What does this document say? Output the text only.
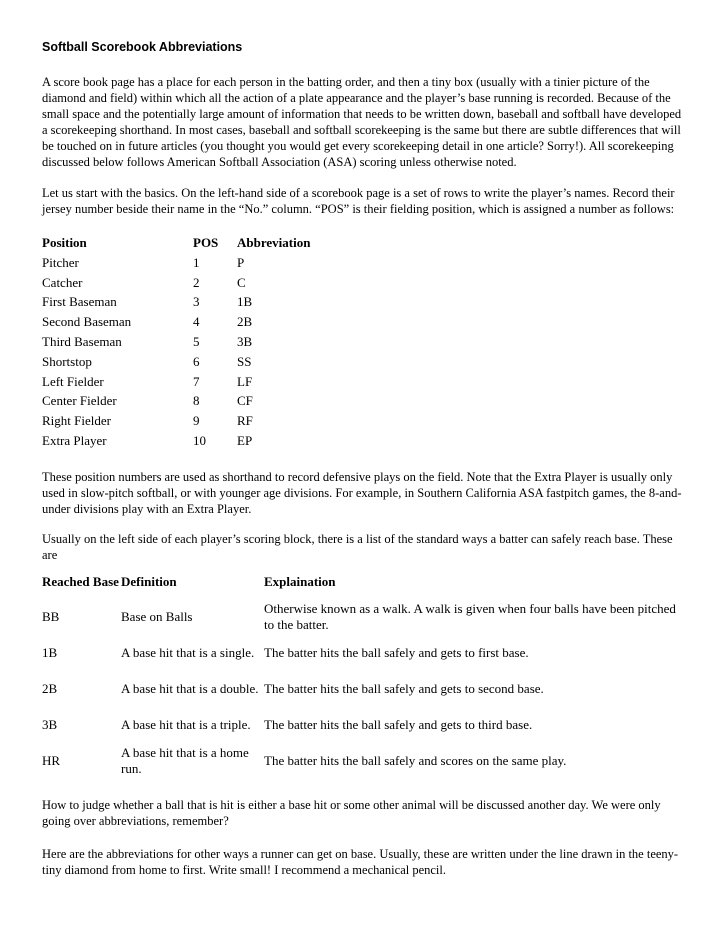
Softball Scorebook Abbreviations
A score book page has a place for each person in the batting order, and then a tiny box (usually with a tinier picture of the diamond and field) within which all the action of a plate appearance and the player’s base running is recorded. Because of the small space and the potentially large amount of information that needs to be written down, baseball and softball have developed a scorekeeping shorthand. In most cases, baseball and softball scorekeeping is the same but there are subtle differences that will be touched on in future articles (you thought you would get every scorekeeping detail in one article? Sorry!). All scorekeeping discussed below follows American Softball Association (ASA) scoring unless otherwise noted.
Let us start with the basics. On the left-hand side of a scorebook page is a set of rows to write the player’s names. Record their jersey number beside their name in the “No.” column. “POS” is their fielding position, which is assigned a number as follows:
Position	POS	Abbreviation
Pitcher	1	P
Catcher	2	C
First Baseman	3	1B
Second Baseman	4	2B
Third Baseman	5	3B
Shortstop	6	SS
Left Fielder	7	LF
Center Fielder	8	CF
Right Fielder	9	RF
Extra Player	10	EP
These position numbers are used as shorthand to record defensive plays on the field. Note that the Extra Player is usually only used in slow-pitch softball, or with younger age divisions. For example, in Southern California ASA fastpitch games, the 8-and-under divisions play with an Extra Player.
Usually on the left side of each player’s scoring block, there is a list of the standard ways a batter can safely reach base. These are
Reached Base	Definition	Explaination
BB	Base on Balls	Otherwise known as a walk. A walk is given when four balls have been pitched to the batter.
1B	A base hit that is a single.	The batter hits the ball safely and gets to first base.
2B	A base hit that is a double.	The batter hits the ball safely and gets to second base.
3B	A base hit that is a triple.	The batter hits the ball safely and gets to third base.
HR	A base hit that is a home run.	The batter hits the ball safely and scores on the same play.
How to judge whether a ball that is hit is either a base hit or some other animal will be discussed another day. We were only going over abbreviations, remember?
Here are the abbreviations for other ways a runner can get on base. Usually, these are written under the line drawn in the teeny-tiny diamond from home to first. Write small! I recommend a mechanical pencil.
